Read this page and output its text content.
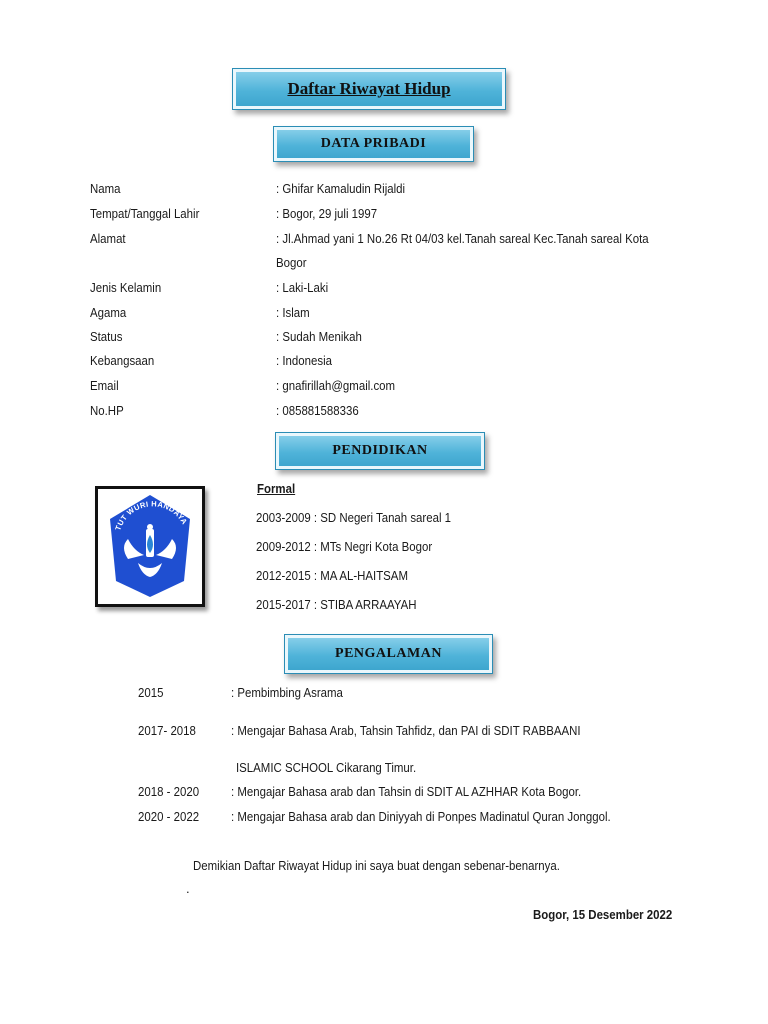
Daftar Riwayat Hidup
DATA PRIBADI
Nama	: Ghifar Kamaludin Rijaldi
Tempat/Tanggal Lahir	: Bogor, 29 juli 1997
Alamat	: Jl.Ahmad yani 1 No.26 Rt 04/03 kel.Tanah sareal Kec.Tanah sareal Kota
Bogor
Jenis Kelamin	: Laki-Laki
Agama	: Islam
Status	: Sudah Menikah
Kebangsaan	: Indonesia
Email	: gnafirillah@gmail.com
No.HP	: 085881588336
PENDIDIKAN
TUT WURI HANDAYA
Formal
2003-2009 : SD Negeri Tanah sareal 1
2009-2012 : MTs Negri Kota Bogor
2012-2015 : MA AL-HAITSAM
2015-2017 : STIBA ARRAAYAH
PENGALAMAN
2015	: Pembimbing Asrama
2017- 2018	: Mengajar Bahasa Arab, Tahsin Tahfidz, dan PAI di SDIT RABBAANI
ISLAMIC SCHOOL Cikarang Timur.
2018 - 2020 : Mengajar Bahasa arab dan Tahsin di SDIT AL AZHHAR Kota Bogor.
2020 - 2022 : Mengajar Bahasa arab dan Diniyyah di Ponpes Madinatul Quran Jonggol.
Demikian Daftar Riwayat Hidup ini saya buat dengan sebenar-benarnya.
.
Bogor, 15 Desember 2022
